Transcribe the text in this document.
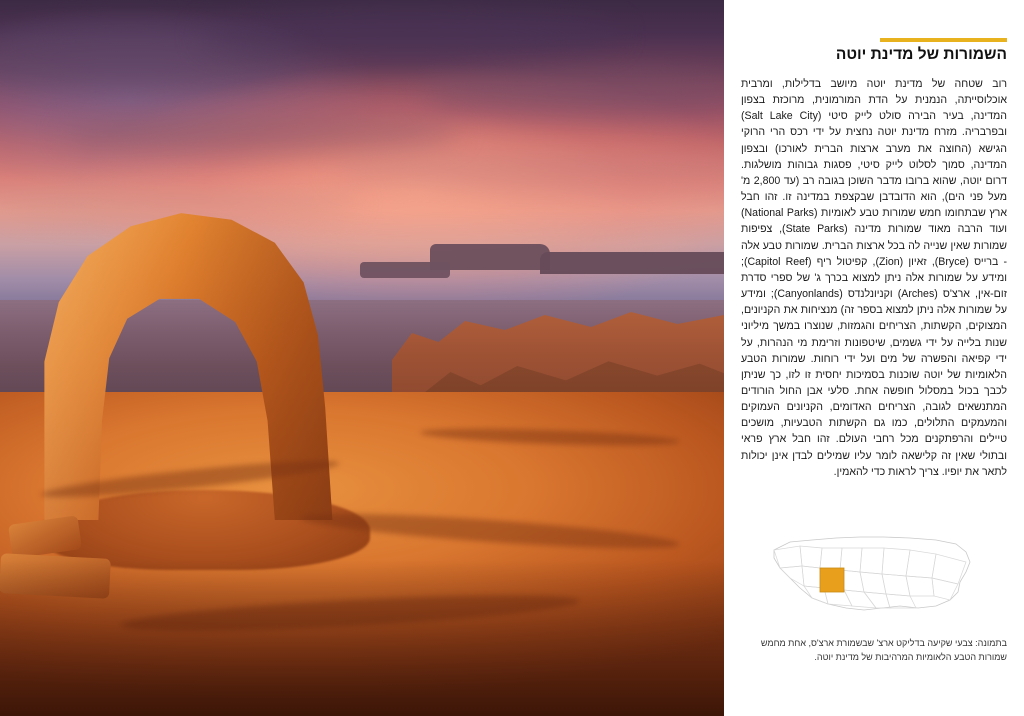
השמורות של מדינת יוטה
רוב שטחה של מדינת יוטה מיושב בדלילות, ומרבית אוכלוסייתה, הנמנית על הדת המורמונית, מרוכזת בצפון המדינה, בעיר הבירה סולט לייק סיטי (Salt Lake City) ובפרבריה. מזרח מדינת יוטה נחצית על ידי רכס הרי הרוקי הגישא (החוצה את מערב ארצות הברית לאורכו) ובצפון המדינה, סמוך לסלוט לייק סיטי, פסגות גבוהות מושלגות. דרום יוטה, שהוא ברובו מדבר השוכן בגובה רב (עד 2,800 מ' מעל פני הים), הוא הדובדבן שבקצפת במדינה זו. זהו חבל ארץ שבתחומו חמש שמורות טבע לאומיות (National Parks) ועוד הרבה מאוד שמורות מדינה (State Parks), צפיפות שמורות שאין שנייה לה בכל ארצות הברית. שמורות טבע אלה - ברייס (Bryce), זאיון (Zion), קפיטול ריף (Capitol Reef); ומידע על שמורות אלה ניתן למצוא בכרך ג' של ספרי סדרת זום-אין, ארצ'ס (Arches) וקניונלנדס (Canyonlands); ומידע על שמורות אלה ניתן למצוא בספר זה) מנציחות את הקניונים, המצוקים, הקשתות, הצריחים והגמזות, שנוצרו במשך מיליוני שנות בלייה על ידי גשמים, שיטפונות וזרימת מי הנהרות, על ידי קפיאה והפשרה של מים ועל ידי רוחות. שמורות הטבע הלאומיות של יוטה שוכנות בסמיכות יחסית זו לזו, כך שניתן לכבך בכול במסלול חופשה אחת. סלעי אבן החול הורודים המתנשאים לגובה, הצריחים האדומים, הקניונים העמוקים והמעמקים התלולים, כמו גם הקשתות הטבעיות, מושכים טיילים והרפתקנים מכל רחבי העולם. זהו חבל ארץ פראי ובתולי שאין זה קלישאה לומר עליו שמילים לבדן אינן יכולות לתאר את יופיו. צריך לראות כדי להאמין.
בתמונה: צבעי שקיעה בדליקט ארצ' שבשמורת ארצ'ס, אחת מחמש שמורות הטבע הלאומיות המרהיבות של מדינת יוטה.
